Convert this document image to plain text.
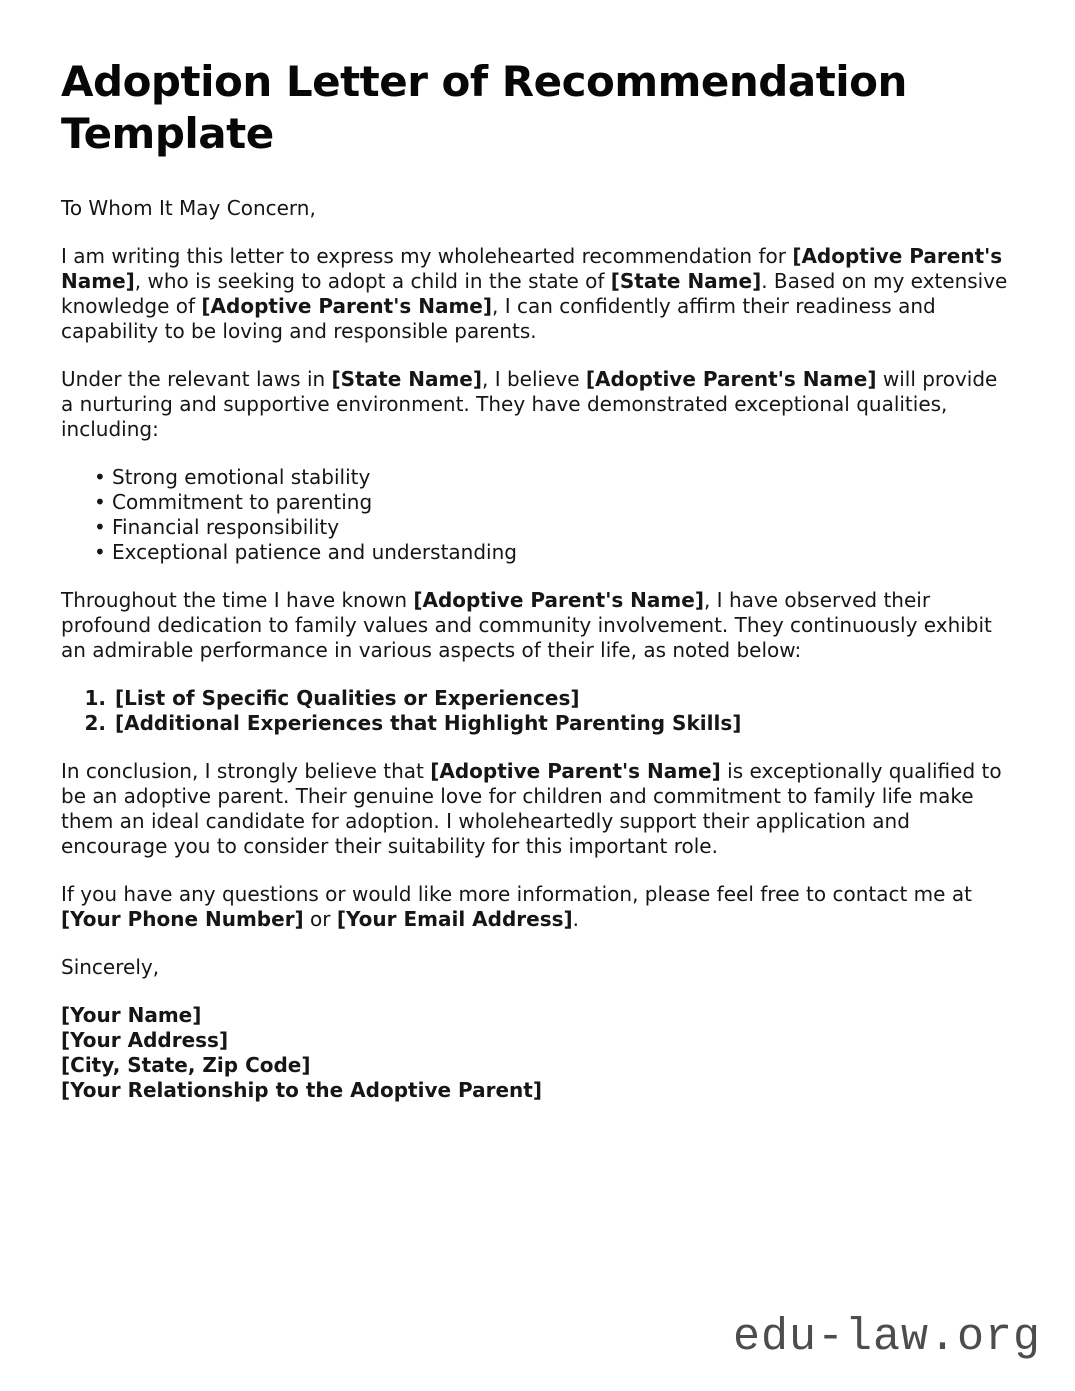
Adoption Letter of Recommendation Template

To Whom It May Concern,

I am writing this letter to express my wholehearted recommendation for [Adoptive Parent's Name], who is seeking to adopt a child in the state of [State Name]. Based on my extensive knowledge of [Adoptive Parent's Name], I can confidently affirm their readiness and capability to be loving and responsible parents.

Under the relevant laws in [State Name], I believe [Adoptive Parent's Name] will provide a nurturing and supportive environment. They have demonstrated exceptional qualities, including:

• Strong emotional stability
• Commitment to parenting
• Financial responsibility
• Exceptional patience and understanding

Throughout the time I have known [Adoptive Parent's Name], I have observed their profound dedication to family values and community involvement. They continuously exhibit an admirable performance in various aspects of their life, as noted below:

1. [List of Specific Qualities or Experiences]
2. [Additional Experiences that Highlight Parenting Skills]

In conclusion, I strongly believe that [Adoptive Parent's Name] is exceptionally qualified to be an adoptive parent. Their genuine love for children and commitment to family life make them an ideal candidate for adoption. I wholeheartedly support their application and encourage you to consider their suitability for this important role.

If you have any questions or would like more information, please feel free to contact me at [Your Phone Number] or [Your Email Address].

Sincerely,

[Your Name]
[Your Address]
[City, State, Zip Code]
[Your Relationship to the Adoptive Parent]
edu-law.org
